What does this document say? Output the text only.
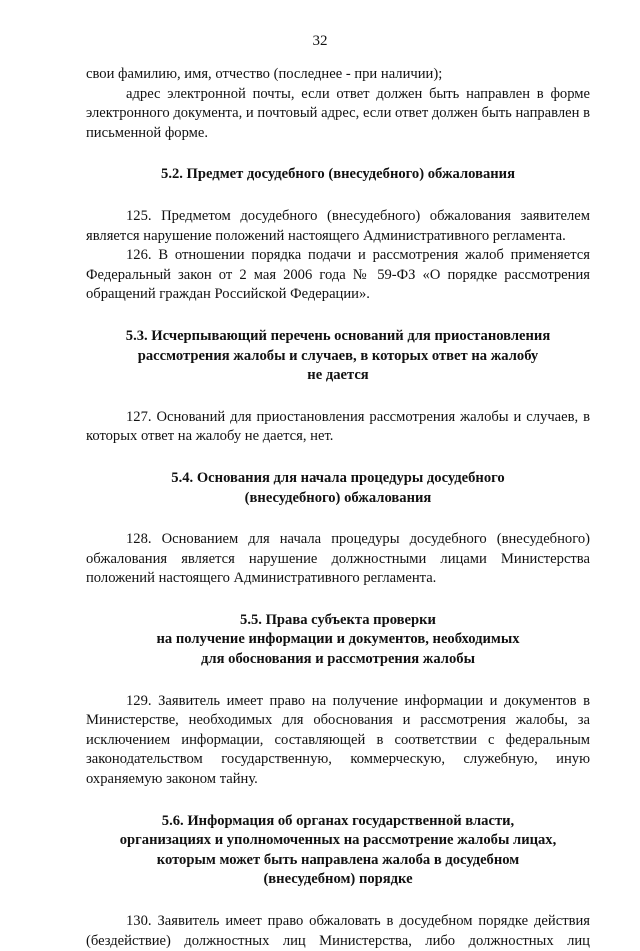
32

свои фамилию, имя, отчество (последнее - при наличии);

адрес электронной почты, если ответ должен быть направлен в форме электронного документа, и почтовый адрес, если ответ должен быть направлен в письменной форме.

5.2. Предмет досудебного (внесудебного) обжалования

125. Предметом досудебного (внесудебного) обжалования заявителем является нарушение положений настоящего Административного регламента.

126. В отношении порядка подачи и рассмотрения жалоб применяется Федеральный закон от 2 мая 2006 года № 59-ФЗ «О порядке рассмотрения обращений граждан Российской Федерации».

5.3. Исчерпывающий перечень оснований для приостановления
рассмотрения жалобы и случаев, в которых ответ на жалобу
не дается

127. Оснований для приостановления рассмотрения жалобы и случаев, в которых ответ на жалобу не дается, нет.

5.4. Основания для начала процедуры досудебного
(внесудебного) обжалования

128. Основанием для начала процедуры досудебного (внесудебного) обжалования является нарушение должностными лицами Министерства положений настоящего Административного регламента.

5.5. Права субъекта проверки
на получение информации и документов, необходимых
для обоснования и рассмотрения жалобы

129. Заявитель имеет право на получение информации и документов в Министерстве, необходимых для обоснования и рассмотрения жалобы, за исключением информации, составляющей в соответствии с федеральным законодательством государственную, коммерческую, служебную, иную охраняемую законом тайну.

5.6. Информация об органах государственной власти,
организациях и уполномоченных на рассмотрение жалобы лицах,
которым может быть направлена жалоба в досудебном
(внесудебном) порядке

130. Заявитель имеет право обжаловать в досудебном порядке действия (бездействие) должностных лиц Министерства, либо должностных лиц
